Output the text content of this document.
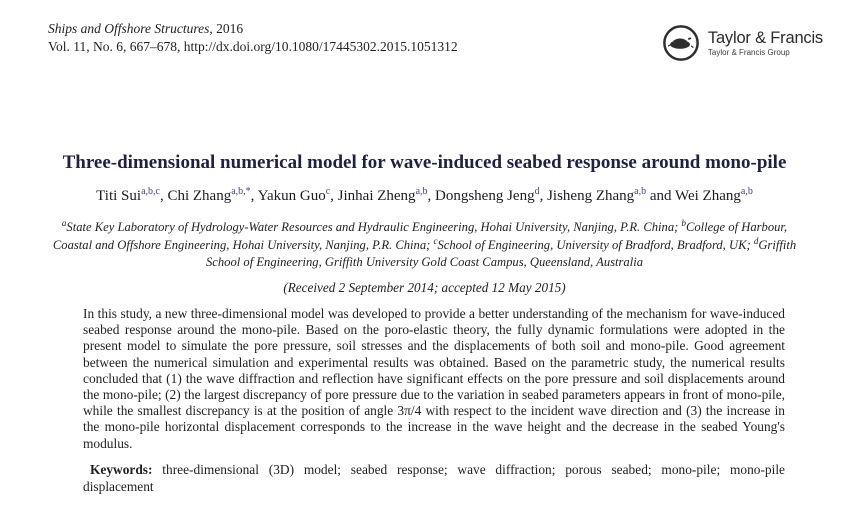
Ships and Offshore Structures, 2016
Vol. 11, No. 6, 667–678, http://dx.doi.org/10.1080/17445302.2015.1051312	Taylor & Francis
Taylor & Francis Group
Three-dimensional numerical model for wave-induced seabed response around mono-pile
Titi Sui$^{a,b,c}$, Chi Zhang$^{a,b,*}$, Yakun Guo$^c$, Jinhai Zheng$^{a,b}$, Dongsheng Jeng$^d$, Jisheng Zhang$^{a,b}$ and Wei Zhang$^{a,b}$
$^a$State Key Laboratory of Hydrology-Water Resources and Hydraulic Engineering, Hohai University, Nanjing, P.R. China; $^b$College of Harbour, Coastal and Offshore Engineering, Hohai University, Nanjing, P.R. China; $^c$School of Engineering, University of Bradford, Bradford, UK; $^d$Griffith School of Engineering, Griffith University Gold Coast Campus, Queensland, Australia
(Received 2 September 2014; accepted 12 May 2015)

In this study, a new three-dimensional model was developed to provide a better understanding of the mechanism for wave-induced seabed response around the mono-pile. Based on the poro-elastic theory, the fully dynamic formulations were adopted in the present model to simulate the pore pressure, soil stresses and the displacements of both soil and mono-pile. Good agreement between the numerical simulation and experimental results was obtained. Based on the parametric study, the numerical results concluded that (1) the wave diffraction and reflection have significant effects on the pore pressure and soil displacements around the mono-pile; (2) the largest discrepancy of pore pressure due to the variation in seabed parameters appears in front of mono-pile, while the smallest discrepancy is at the position of angle 3π/4 with respect to the incident wave direction and (3) the increase in the mono-pile horizontal displacement corresponds to the increase in the wave height and the decrease in the seabed Young's modulus.

Keywords: three-dimensional (3D) model; seabed response; wave diffraction; porous seabed; mono-pile; mono-pile displacement
